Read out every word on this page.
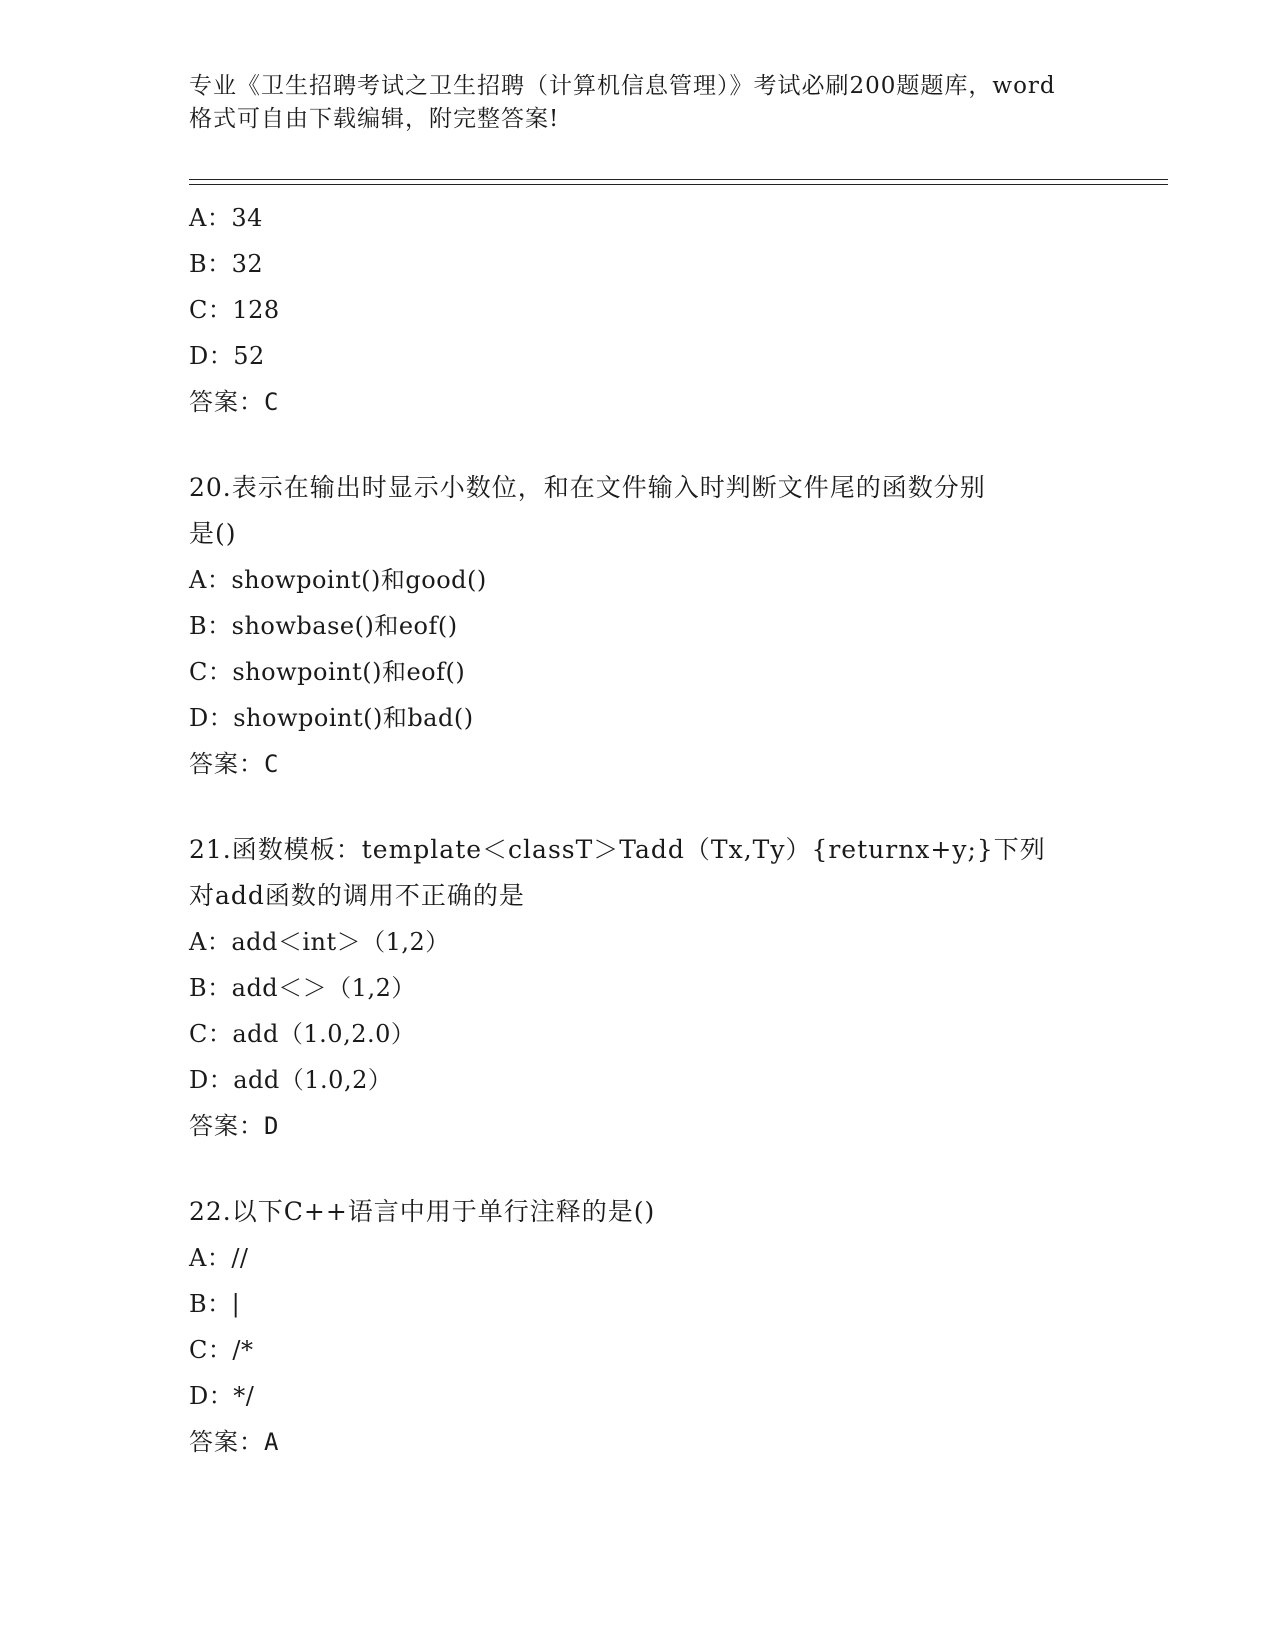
专业《卫生招聘考试之卫生招聘（计算机信息管理）》考试必刷200题题库，word
格式可自由下载编辑，附完整答案!
A：34
B：32
C：128
D：52
答案：C
20.表示在输出时显示小数位，和在文件输入时判断文件尾的函数分别
是()
A：showpoint()和good()
B：showbase()和eof()
C：showpoint()和eof()
D：showpoint()和bad()
答案：C
21.函数模板：template＜classT＞Tadd（Tx,Ty）{returnx+y;}下列
对add函数的调用不正确的是
A：add＜int＞（1,2）
B：add＜＞（1,2）
C：add（1.0,2.0）
D：add（1.0,2）
答案：D
22.以下C++语言中用于单行注释的是()
A：//
B：|
C：/*
D：*/
答案：A
